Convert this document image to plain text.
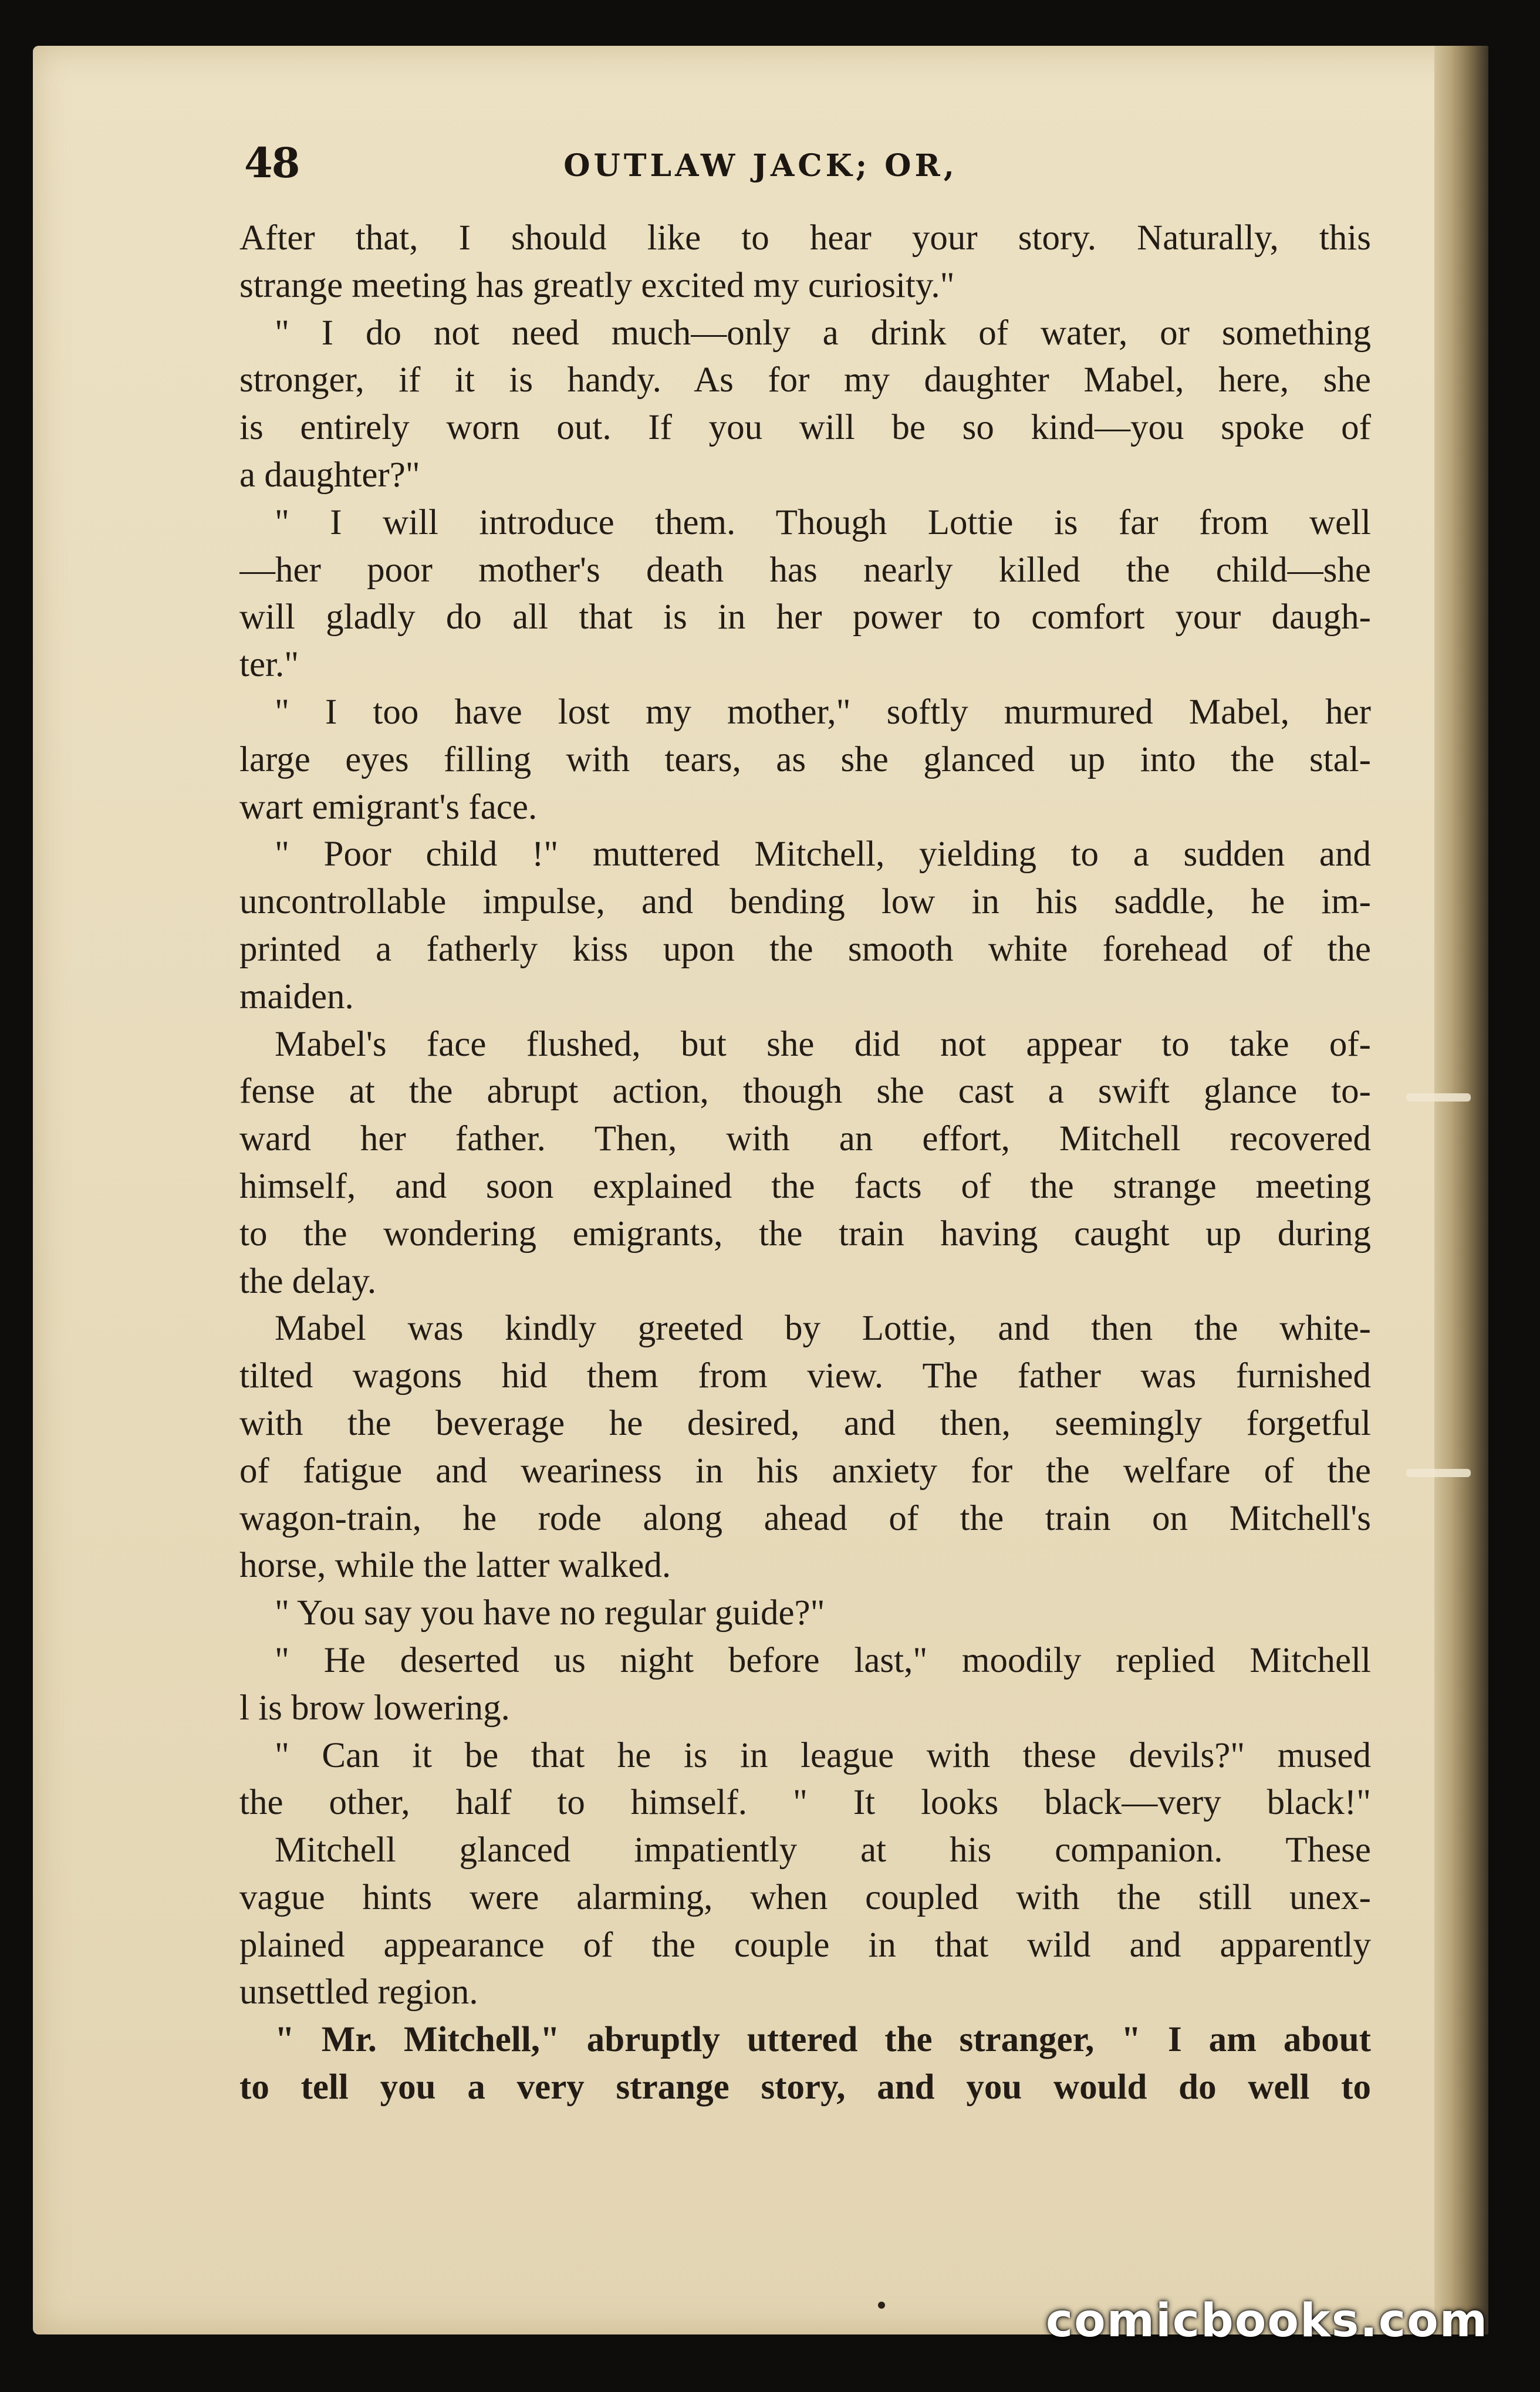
48	OUTLAW JACK; OR,
After that, I should like to hear your story. Naturally, this
strange meeting has greatly excited my curiosity."
" I do not need much—only a drink of water, or something
stronger, if it is handy. As for my daughter Mabel, here, she
is entirely worn out. If you will be so kind—you spoke of
a daughter?"
" I will introduce them. Though Lottie is far from well
—her poor mother's death has nearly killed the child—she
will gladly do all that is in her power to comfort your daugh-
ter."
" I too have lost my mother," softly murmured Mabel, her
large eyes filling with tears, as she glanced up into the stal-
wart emigrant's face.
" Poor child !" muttered Mitchell, yielding to a sudden and
uncontrollable impulse, and bending low in his saddle, he im-
printed a fatherly kiss upon the smooth white forehead of the
maiden.
Mabel's face flushed, but she did not appear to take of-
fense at the abrupt action, though she cast a swift glance to-
ward her father. Then, with an effort, Mitchell recovered
himself, and soon explained the facts of the strange meeting
to the wondering emigrants, the train having caught up during
the delay.
Mabel was kindly greeted by Lottie, and then the white-
tilted wagons hid them from view. The father was furnished
with the beverage he desired, and then, seemingly forgetful
of fatigue and weariness in his anxiety for the welfare of the
wagon-train, he rode along ahead of the train on Mitchell's
horse, while the latter walked.
" You say you have no regular guide?"
" He deserted us night before last," moodily replied Mitchell
l is brow lowering.
" Can it be that he is in league with these devils?" mused
the other, half to himself. " It looks black—very black!"
Mitchell glanced impatiently at his companion. These
vague hints were alarming, when coupled with the still unex-
plained appearance of the couple in that wild and apparently
unsettled region.
" Mr. Mitchell," abruptly uttered the stranger, " I am about
to tell you a very strange story, and you would do well to
comicbooks.com
